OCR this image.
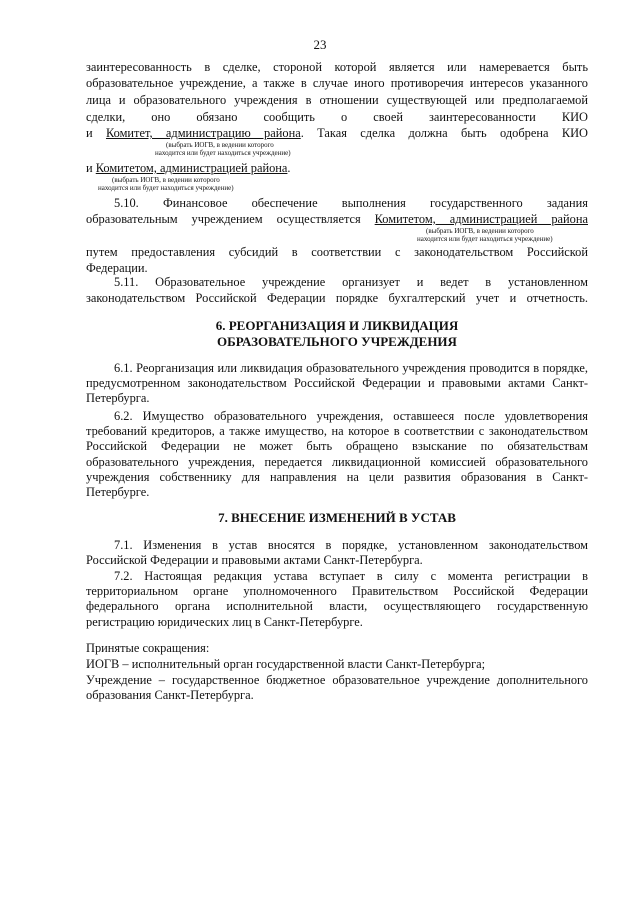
23

заинтересованность в сделке, стороной которой является или намеревается быть

образовательное учреждение, а также в случае иного противоречия интересов указанного

лица и образовательного учреждения в отношении существующей или предполагаемой

сделки, оно обязано сообщить о своей заинтересованности КИО

и Комитет, администрацию района. Такая сделка должна быть одобрена КИО

(выбрать ИОГВ, в ведении которого
находится или будет находиться учреждение)

и Комитетом, администрацией района.

(выбрать ИОГВ, в ведении которого
находится или будет находиться учреждение)

5.10. Финансовое обеспечение выполнения государственного задания

образовательным учреждением осуществляется Комитетом, администрацией района

(выбрать ИОГВ, в ведении которого
находится или будет находиться учреждение)

путем предоставления субсидий в соответствии с законодательством Российской

Федерации.

5.11. Образовательное учреждение организует и ведет в установленном

законодательством Российской Федерации порядке бухгалтерский учет и отчетность.

6. РЕОРГАНИЗАЦИЯ И ЛИКВИДАЦИЯ
ОБРАЗОВАТЕЛЬНОГО УЧРЕЖДЕНИЯ

6.1. Реорганизация или ликвидация образовательного учреждения проводится в порядке, предусмотренном законодательством Российской Федерации и правовыми актами Санкт-Петербурга.

6.2. Имущество образовательного учреждения, оставшееся после удовлетворения требований кредиторов, а также имущество, на которое в соответствии с законодательством Российской Федерации не может быть обращено взыскание по обязательствам образовательного учреждения, передается ликвидационной комиссией образовательного учреждения собственнику для направления на цели развития образования в Санкт-Петербурге.

7. ВНЕСЕНИЕ ИЗМЕНЕНИЙ В УСТАВ

7.1. Изменения в устав вносятся в порядке, установленном законодательством Российской Федерации и правовыми актами Санкт-Петербурга.

7.2. Настоящая редакция устава вступает в силу с момента регистрации в территориальном органе уполномоченного Правительством Российской Федерации федерального органа исполнительной власти, осуществляющего государственную регистрацию юридических лиц в Санкт-Петербурге.

Принятые сокращения:

ИОГВ – исполнительный орган государственной власти Санкт-Петербурга;

Учреждение – государственное бюджетное образовательное учреждение дополнительного образования Санкт-Петербурга.
